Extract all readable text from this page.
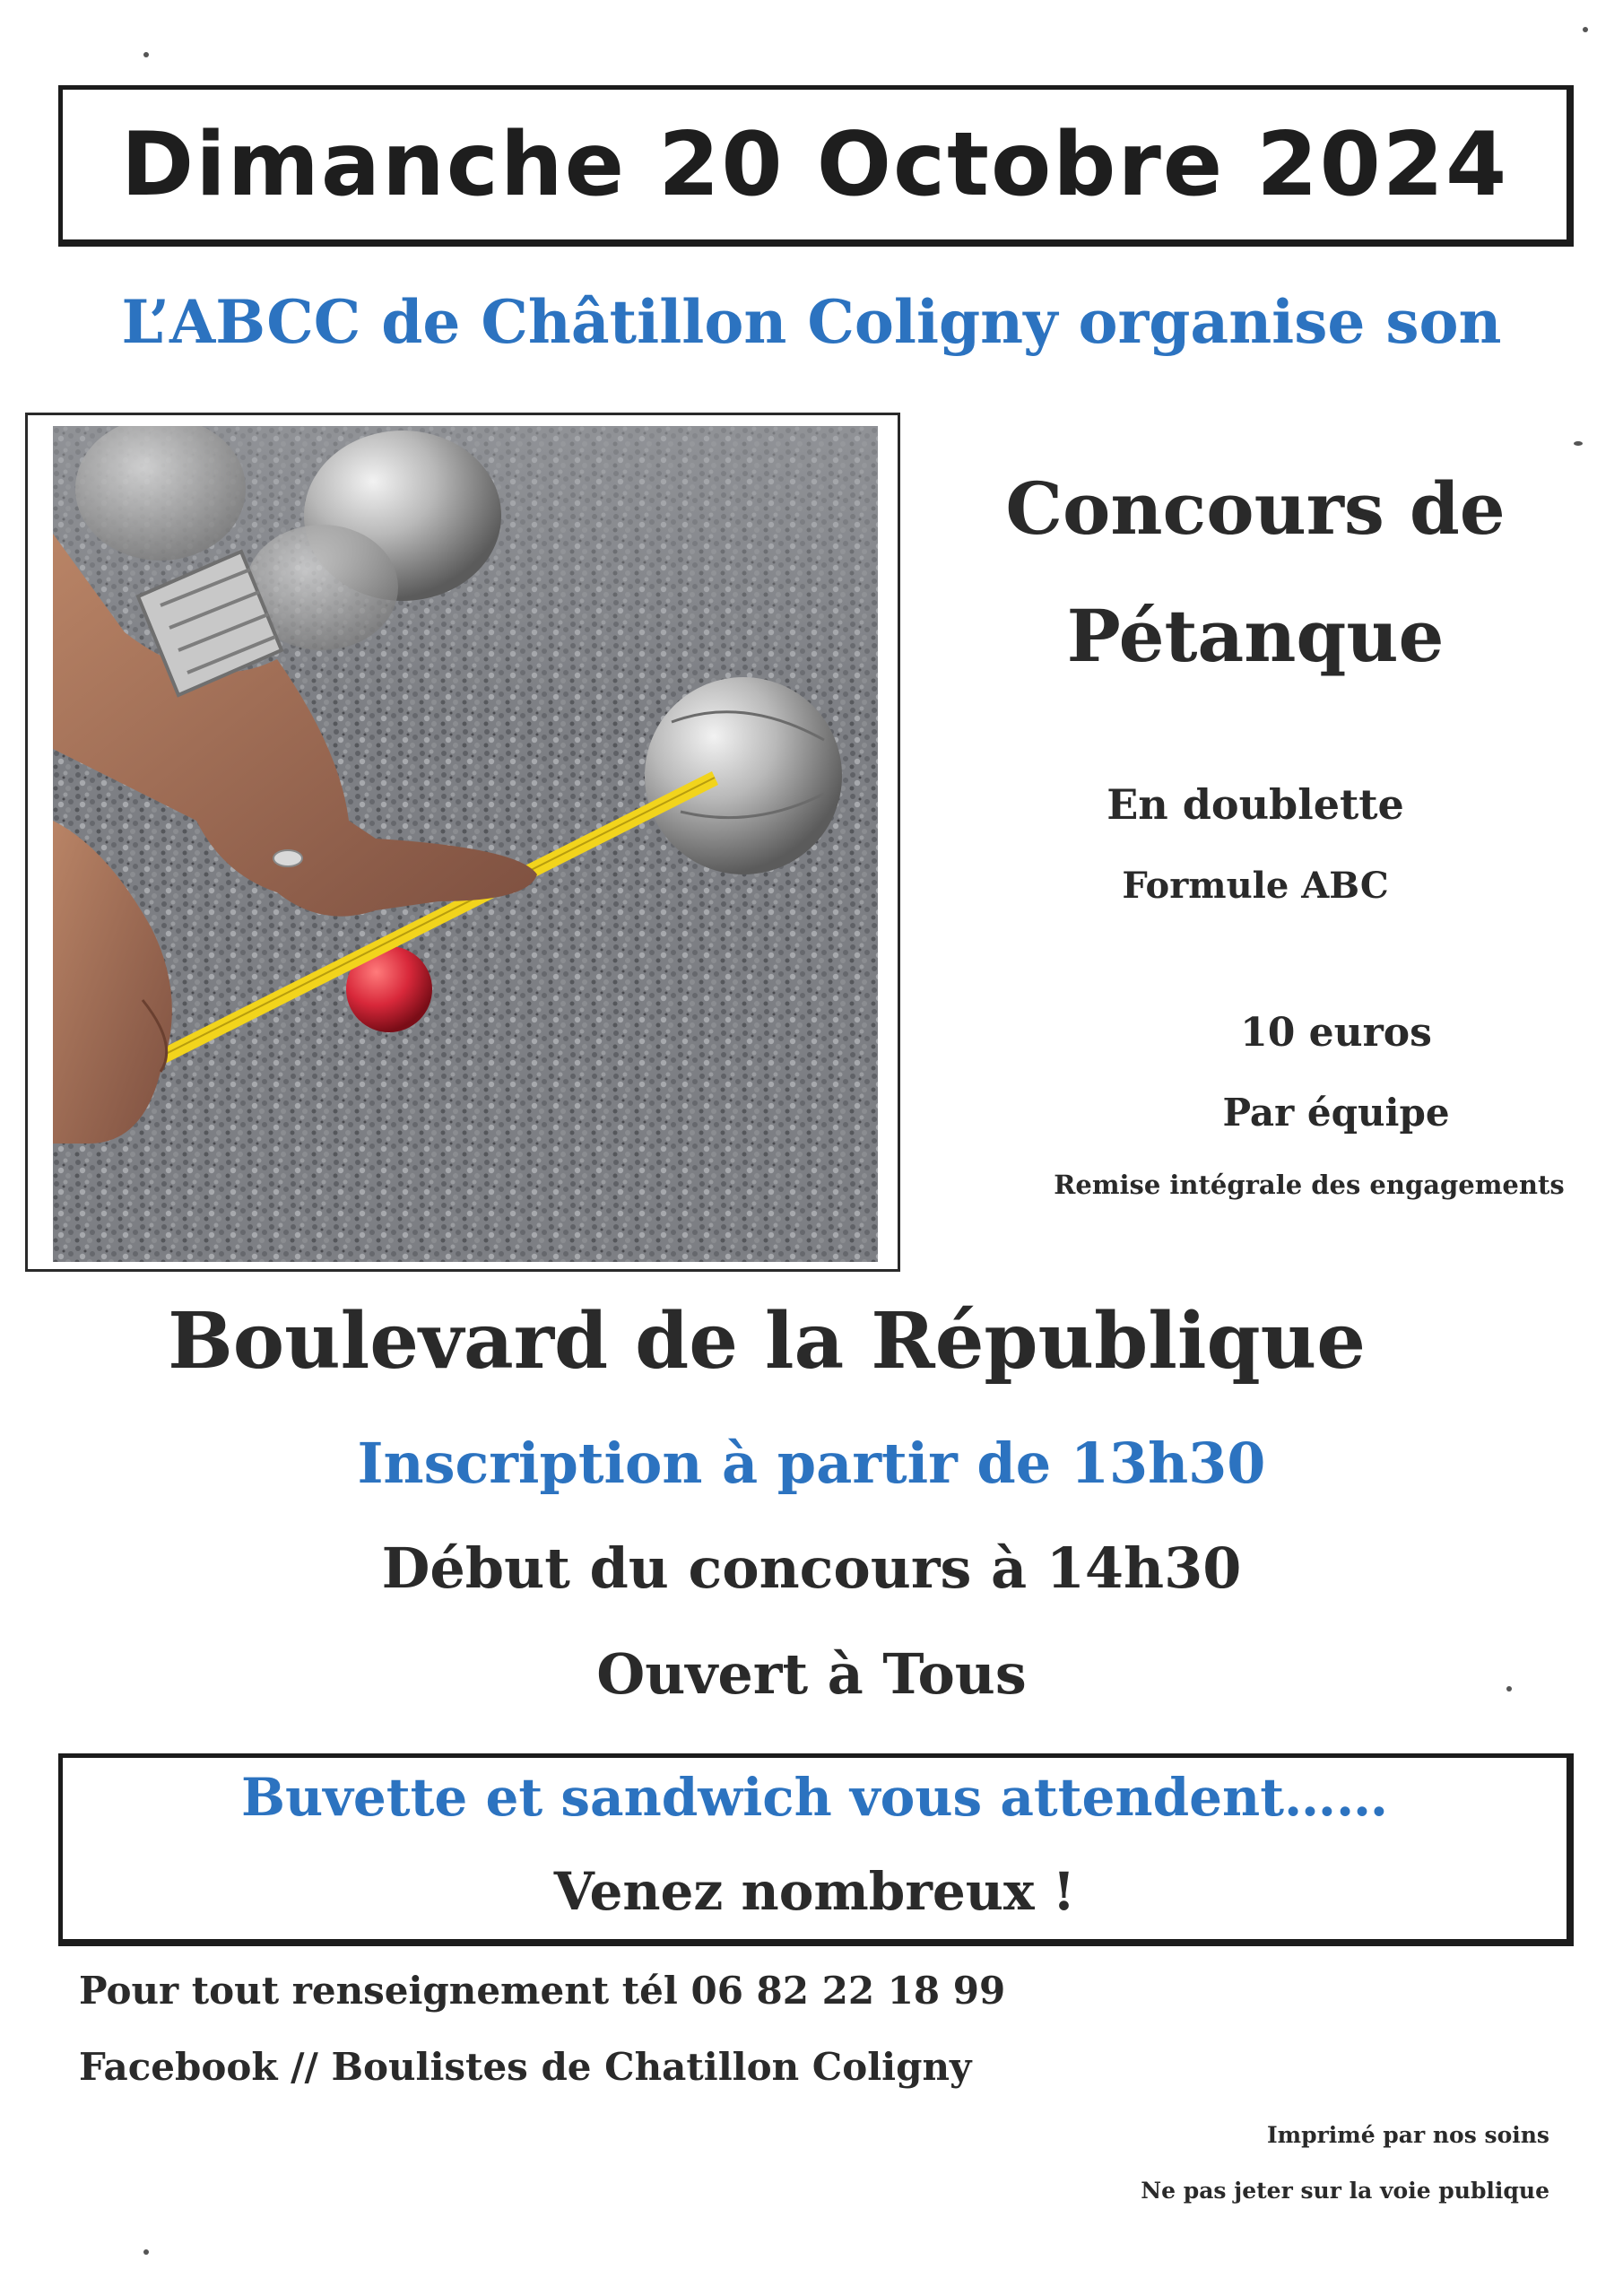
Dimanche 20 Octobre 2024
L’ABCC de Châtillon Coligny organise son
Concours de
Pétanque
En doublette
Formule ABC
10 euros
Par équipe
Remise intégrale des engagements
Boulevard de la République
Inscription à partir de 13h30
Début du concours à 14h30
Ouvert à Tous
Buvette et sandwich vous attendent……
Venez nombreux !
Pour tout renseignement tél 06 82 22 18 99
Facebook // Boulistes de Chatillon Coligny
Imprimé par nos soins
Ne pas jeter sur la voie publique
